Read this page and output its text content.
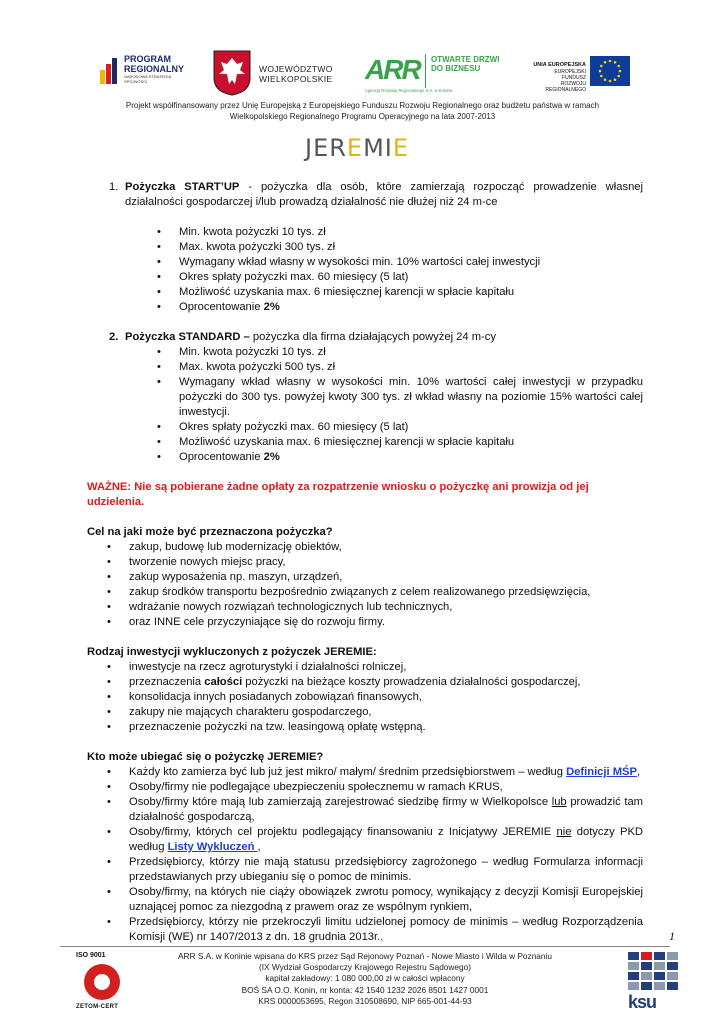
PROGRAM
REGIONALNY
NARODOWA STRATEGIA SPÓJNOŚCI
WOJEWÓDZTWO
WIELKOPOLSKIE ARR OTWARTE DRZWI
DO BIZNESU
Agencja Rozwoju Regionalnego S.A. w Koninie
UNIA EUROPEJSKA
EUROPEJSKI FUNDUSZ
ROZWOJU REGIONALNEGO
Projekt współfinansowany przez Unię Europejską z Europejskiego Funduszu Rozwoju Regionalnego oraz budżetu państwa w ramach
Wielkopolskiego Regionalnego Programu Operacyjnego na lata 2007-2013
JEREMIE
1. Pożyczka START’UP - pożyczka dla osób, które zamierzają rozpocząć prowadzenie własnej działalności gospodarczej i/lub prowadzą działalność nie dłużej niż 24 m-ce

• Min. kwota pożyczki 10 tys. zł
• Max. kwota pożyczki 300 tys. zł
• Wymagany wkład własny w wysokości min. 10% wartości całej inwestycji
• Okres spłaty pożyczki max. 60 miesięcy (5 lat)
• Możliwość uzyskania max. 6 miesięcznej karencji w spłacie kapitału
• Oprocentowanie 2%
2. Pożyczka STANDARD – pożyczka dla firma działających powyżej 24 m-cy

• Min. kwota pożyczki 10 tys. zł
• Max. kwota pożyczki 500 tys. zł
• Wymagany wkład własny w wysokości min. 10% wartości całej inwestycji w przypadku pożyczki do 300 tys. powyżej kwoty 300 tys. zł wkład własny na poziomie 15% wartości całej inwestycji.
• Okres spłaty pożyczki max. 60 miesięcy (5 lat)
• Możliwość uzyskania max. 6 miesięcznej karencji w spłacie kapitału
• Oprocentowanie 2%

WAŻNE: Nie są pobierane żadne opłaty za rozpatrzenie wniosku o pożyczkę ani prowizja od jej udzielenia.

Cel na jaki może być przeznaczona pożyczka?

• zakup, budowę lub modernizację obiektów,
• tworzenie nowych miejsc pracy,
• zakup wyposażenia np. maszyn, urządzeń,
• zakup środków transportu bezpośrednio związanych z celem realizowanego przedsięwzięcia,
• wdrażanie nowych rozwiązań technologicznych lub technicznych,
• oraz INNE cele przyczyniające się do rozwoju firmy.

Rodzaj inwestycji wykluczonych z pożyczek JEREMIE:

• inwestycje na rzecz agroturystyki i działalności rolniczej,
• przeznaczenia całości pożyczki na bieżące koszty prowadzenia działalności gospodarczej,
• konsolidacja innych posiadanych zobowiązań finansowych,
• zakupy nie mających charakteru gospodarczego,
• przeznaczenie pożyczki na tzw. leasingową opłatę wstępną.

Kto może ubiegać się o pożyczkę JEREMIE?

• Każdy kto zamierza być lub już jest mikro/ małym/ średnim przedsiębiorstwem – według Definicji MŚP,
• Osoby/firmy nie podlegające ubezpieczeniu społecznemu w ramach KRUS,
• Osoby/firmy które mają lub zamierzają zarejestrować siedzibę firmy w Wielkopolsce lub prowadzić tam działalność gospodarczą,
• Osoby/firmy, których cel projektu podlegający finansowaniu z Inicjatywy JEREMIE nie dotyczy PKD według Listy Wykluczeń ,
• Przedsiębiorcy, którzy nie mają statusu przedsiębiorcy zagrożonego – według Formularza informacji przedstawianych przy ubieganiu się o pomoc de minimis.
• Osoby/firmy, na których nie ciąży obowiązek zwrotu pomocy, wynikający z decyzji Komisji Europejskiej uznającej pomoc za niezgodną z prawem oraz ze wspólnym rynkiem,
• Przedsiębiorcy, którzy nie przekroczyli limitu udzielonej pomocy de minimis – według Rozporządzenia Komisji (WE) nr 1407/2013 z dn. 18 grudnia 2013r.,	1
ISO 9001
ZETOM-CERT
ARR S.A. w Koninie wpisana do KRS przez Sąd Rejonowy Poznań - Nowe Miasto i Wilda w Poznaniu
(IX Wydział Gospodarczy Krajowego Rejestru Sądowego)
kapitał zakładowy: 1 080 000,00 zł w całości wpłacony
BOŚ SA O.O. Konin, nr konta: 42 1540 1232 2026 8501 1427 0001
KRS 0000053695, Regon 310508690, NIP 665-001-44-93	ksu
